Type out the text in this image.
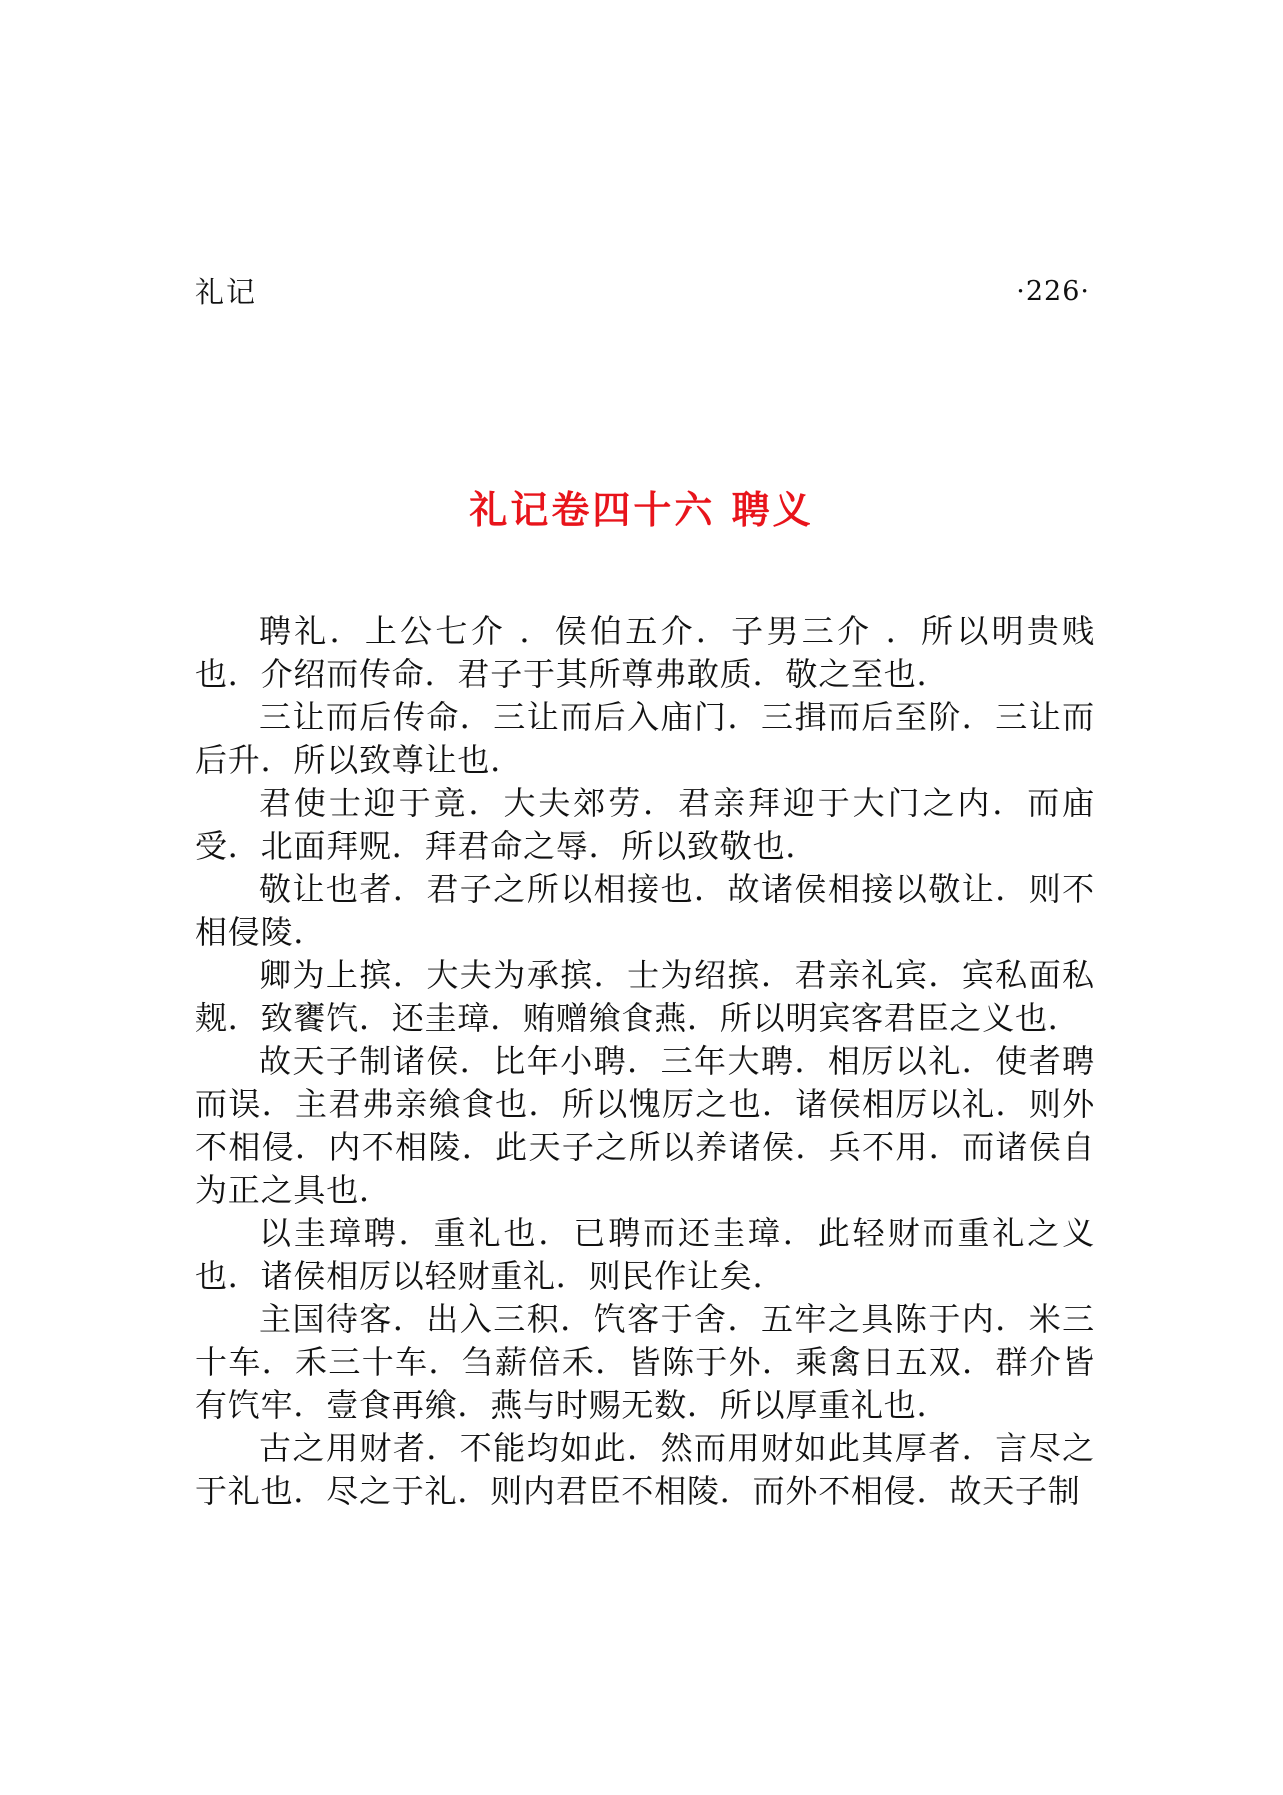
礼记	·226·
礼记卷四十六 聘义

聘礼．上公七介 ．侯伯五介．子男三介 ．所以明贵贱也．介绍而传命．君子于其所尊弗敢质．敬之至也．

三让而后传命．三让而后入庙门．三揖而后至阶．三让而后升．所以致尊让也．

君使士迎于竟．大夫郊劳．君亲拜迎于大门之内．而庙受．北面拜贶．拜君命之辱．所以致敬也．

敬让也者．君子之所以相接也．故诸侯相接以敬让．则不相侵陵．

卿为上摈．大夫为承摈．士为绍摈．君亲礼宾．宾私面私觌．致饔饩．还圭璋．贿赠飨食燕．所以明宾客君臣之义也．

故天子制诸侯．比年小聘．三年大聘．相厉以礼．使者聘而误．主君弗亲飨食也．所以愧厉之也．诸侯相厉以礼．则外不相侵．内不相陵．此天子之所以养诸侯．兵不用．而诸侯自为正之具也．

以圭璋聘．重礼也．已聘而还圭璋．此轻财而重礼之义也．诸侯相厉以轻财重礼．则民作让矣．

主国待客．出入三积．饩客于舍．五牢之具陈于内．米三十车．禾三十车．刍薪倍禾．皆陈于外．乘禽日五双．群介皆有饩牢．壹食再飨．燕与时赐无数．所以厚重礼也．

古之用财者．不能均如此．然而用财如此其厚者．言尽之于礼也．尽之于礼．则内君臣不相陵．而外不相侵．故天子制
